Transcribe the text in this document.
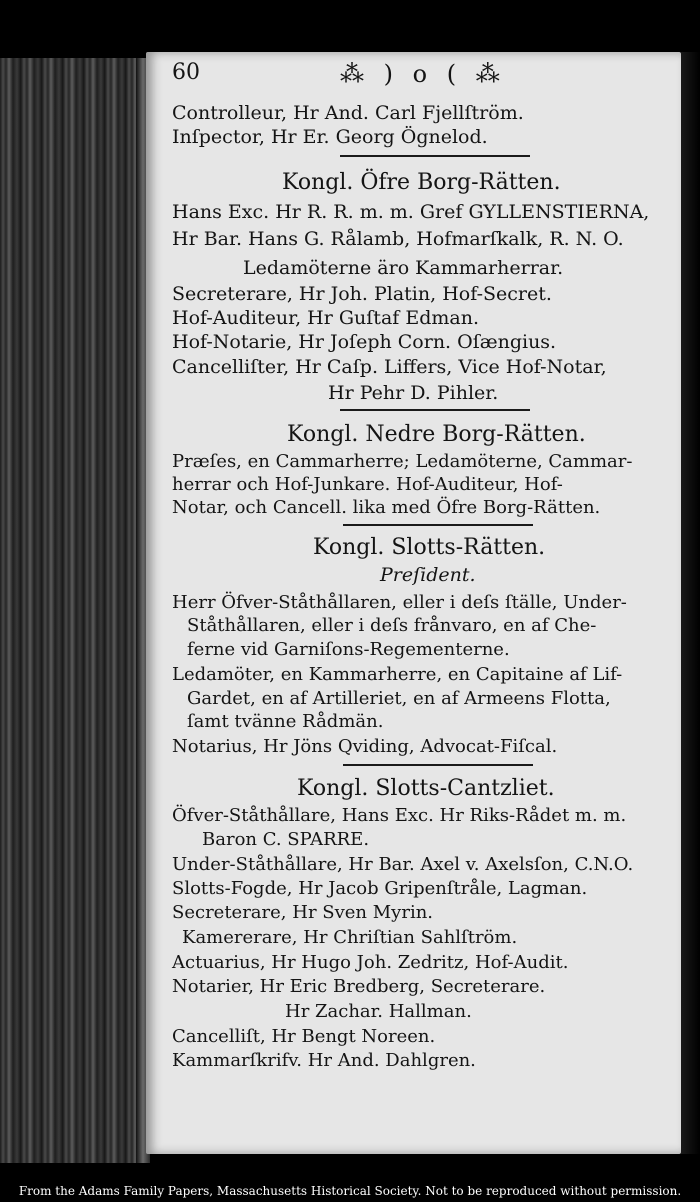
60	⁂ ) o ( ⁂
Controlleur, Hr And. Carl Fjellſtröm.
Inſpector, Hr Er. Georg Ögnelod.
Kongl. Öfre Borg-Rätten.
Hans Exc. Hr R. R. m. m. Gref GYLLENSTIERNA,
Hr Bar. Hans G. Rålamb, Hofmarſkalk, R. N. O.
Ledamöterne äro Kammarherrar.
Secreterare, Hr Joh. Platin, Hof-Secret.
Hof-Auditeur, Hr Guſtaf Edman.
Hof-Notarie, Hr Joſeph Corn. Oſængius.
Cancelliſter, Hr Caſp. Liffers, Vice Hof-Notar,
Hr Pehr D. Pihler.
Kongl. Nedre Borg-Rätten.
Præſes, en Cammarherre; Ledamöterne, Cammar-
herrar och Hof-Junkare. Hof-Auditeur, Hof-
Notar, och Cancell. lika med Öfre Borg-Rätten.
Kongl. Slotts-Rätten.
Preſident.
Herr Öfver-Ståthållaren, eller i deſs ſtälle, Under-
Ståthållaren, eller i deſs frånvaro, en af Che-
ferne vid Garniſons-Regementerne.
Ledamöter, en Kammarherre, en Capitaine af Lif-
Gardet, en af Artilleriet, en af Armeens Flotta,
ſamt tvänne Rådmän.
Notarius, Hr Jöns Qviding, Advocat-Fiſcal.
Kongl. Slotts-Cantzliet.
Öfver-Ståthållare, Hans Exc. Hr Riks-Rådet m. m.
Baron C. SPARRE.
Under-Ståthållare, Hr Bar. Axel v. Axelsſon, C.N.O.
Slotts-Fogde, Hr Jacob Gripenſtråle, Lagman.
Secreterare, Hr Sven Myrin.
Kamererare, Hr Chriſtian Sahlſtröm.
Actuarius, Hr Hugo Joh. Zedritz, Hof-Audit.
Notarier, Hr Eric Bredberg, Secreterare.
Hr Zachar. Hallman.
Cancelliſt, Hr Bengt Noreen.
Kammarſkrifv. Hr And. Dahlgren.
From the Adams Family Papers, Massachusetts Historical Society. Not to be reproduced without permission.
